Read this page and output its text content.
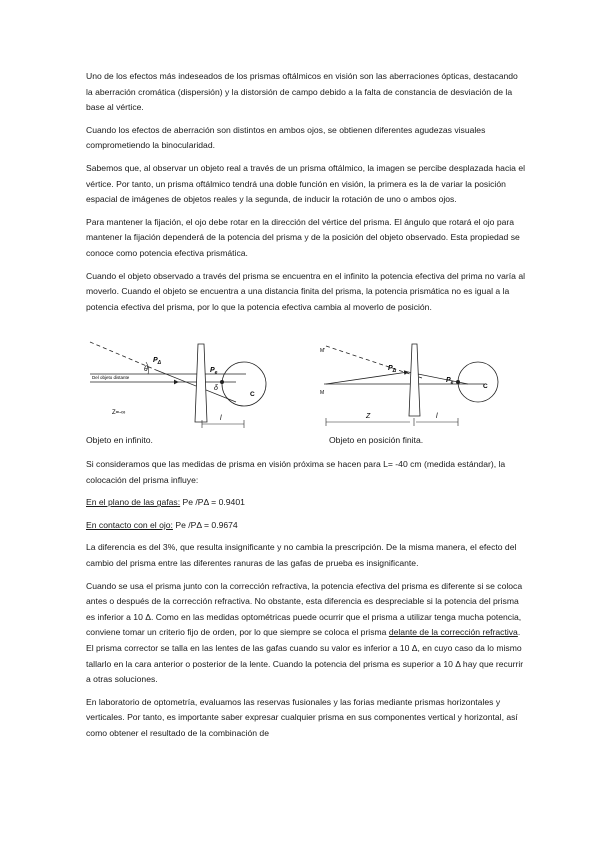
Uno de los efectos más indeseados de los prismas oftálmicos en visión son las aberraciones ópticas, destacando la aberración cromática (dispersión) y la distorsión de campo debido a la falta de constancia de desviación de la base al vértice.

Cuando los efectos de aberración son distintos en ambos ojos, se obtienen diferentes agudezas visuales comprometiendo la binocularidad.

Sabemos que, al observar un objeto real a través de un prisma oftálmico, la imagen se percibe desplazada hacia el vértice. Por tanto, un prisma oftálmico tendrá una doble función en visión, la primera es la de variar la posición espacial de imágenes de objetos reales y la segunda, de inducir la rotación de uno o ambos ojos.

Para mantener la fijación, el ojo debe rotar en la dirección del vértice del prisma. El ángulo que rotará el ojo para mantener la fijación dependerá de la potencia del prisma y de la posición del objeto observado. Esta propiedad se conoce como potencia efectiva prismática.

Cuando el objeto observado a través del prisma se encuentra en el infinito la potencia efectiva del prima no varía al moverlo. Cuando el objeto se encuentra a una distancia finita del prisma, la potencia prismática no es igual a la potencia efectiva del prisma, por lo que la potencia efectiva cambia al moverlo de posición.

$P_\Delta$
θ	$P_e$
δ
C
Del objeto distante
Z=-∞
l
M'
M
$P_\Delta$
$P_e$	C
Z	l
Objeto en infinito.	Objeto en posición finita.

Si consideramos que las medidas de prisma en visión próxima se hacen para L= -40 cm (medida estándar), la colocación del prisma influye:

En el plano de las gafas: Pe /PΔ = 0.9401

En contacto con el ojo: Pe /PΔ = 0.9674

La diferencia es del 3%, que resulta insignificante y no cambia la prescripción. De la misma manera, el efecto del cambio del prisma entre las diferentes ranuras de las gafas de prueba es insignificante.

Cuando se usa el prisma junto con la corrección refractiva, la potencia efectiva del prisma es diferente si se coloca antes o después de la corrección refractiva. No obstante, esta diferencia es despreciable si la potencia del prisma es inferior a 10 Δ. Como en las medidas optométricas puede ocurrir que el prisma a utilizar tenga mucha potencia, conviene tomar un criterio fijo de orden, por lo que siempre se coloca el prisma delante de la corrección refractiva. El prisma corrector se talla en las lentes de las gafas cuando su valor es inferior a 10 Δ, en cuyo caso da lo mismo tallarlo en la cara anterior o posterior de la lente. Cuando la potencia del prisma es superior a 10 Δ hay que recurrir a otras soluciones.

En laboratorio de optometría, evaluamos las reservas fusionales y las forias mediante prismas horizontales y verticales. Por tanto, es importante saber expresar cualquier prisma en sus componentes vertical y horizontal, así como obtener el resultado de la combinación de
